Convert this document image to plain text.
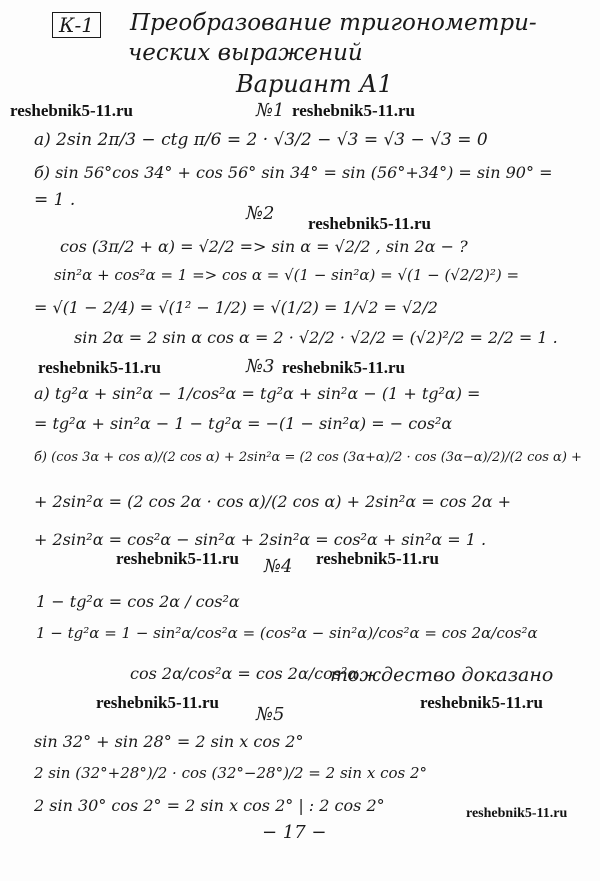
К-1	Преобразование тригонометри-
ческих выражений
Вариант А1
reshebnik5-11.ru	№1 reshebnik5-11.ru
а) 2sin 2π/3 − ctg π/6 = 2 · √3/2 − √3 = √3 − √3 = 0
б) sin 56°cos 34° + cos 56° sin 34° = sin (56°+34°) = sin 90° =
= 1 .
№2 reshebnik5-11.ru
cos (3π/2 + α) = √2/2 => sin α = √2/2 , sin 2α − ?
sin²α + cos²α = 1 => cos α = √(1 − sin²α) = √(1 − (√2/2)²) =
= √(1 − 2/4) = √(1² − 1/2) = √(1/2) = 1/√2 = √2/2
sin 2α = 2 sin α cos α = 2 · √2/2 · √2/2 = (√2)²/2 = 2/2 = 1 .
reshebnik5-11.ru	№3 reshebnik5-11.ru
а) tg²α + sin²α − 1/cos²α = tg²α + sin²α − (1 + tg²α) =
= tg²α + sin²α − 1 − tg²α = −(1 − sin²α) = − cos²α
б) (cos 3α + cos α)/(2 cos α) + 2sin²α = (2 cos (3α+α)/2 · cos (3α−α)/2)/(2 cos α) +
+ 2sin²α = (2 cos 2α · cos α)/(2 cos α) + 2sin²α = cos 2α +
+ 2sin²α = cos²α − sin²α + 2sin²α = cos²α + sin²α = 1 .
reshebnik5-11.ru №4 reshebnik5-11.ru
1 − tg²α = cos 2α / cos²α
1 − tg²α = 1 − sin²α/cos²α = (cos²α − sin²α)/cos²α = cos 2α/cos²α
cos 2α/cos²α = cos 2α/cos²α
тождество доказано
reshebnik5-11.ru	reshebnik5-11.ru
№5
sin 32° + sin 28° = 2 sin x cos 2°
2 sin (32°+28°)/2 · cos (32°−28°)/2 = 2 sin x cos 2°
2 sin 30° cos 2° = 2 sin x cos 2° | : 2 cos 2°	reshebnik5-11.ru
− 17 −
